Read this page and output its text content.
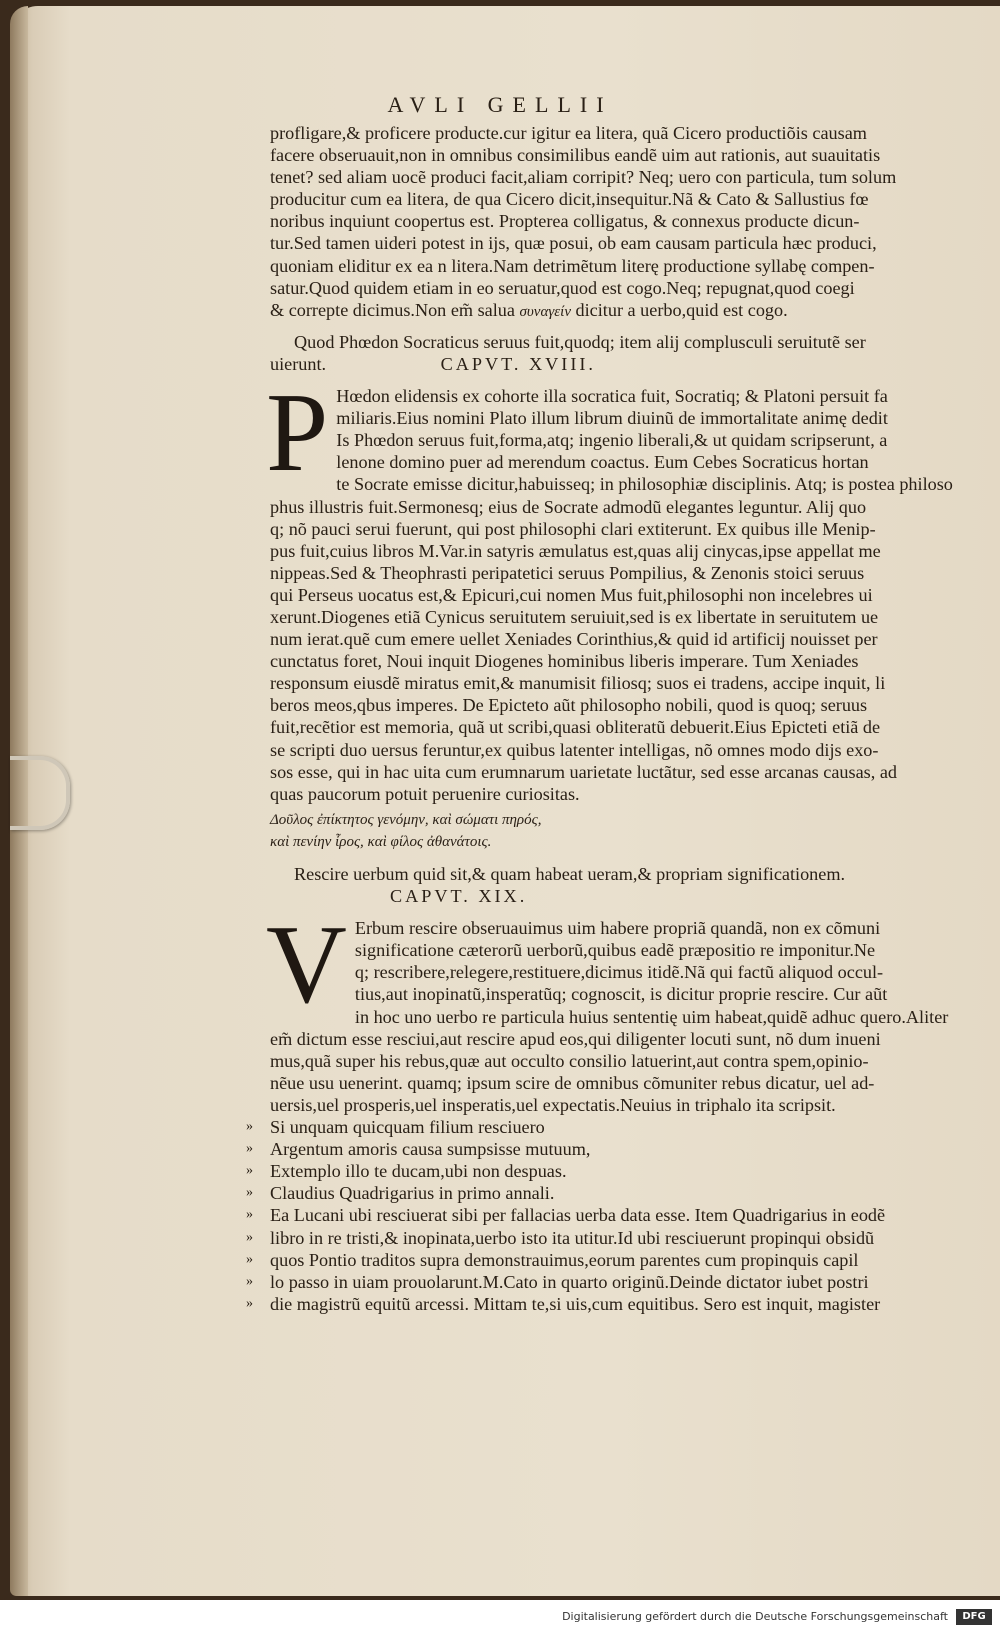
AVLI GELLII
profligare,& proficere producte.cur igitur ea litera, quã Cicero productiõis causam
facere obseruauit,non in omnibus consimilibus eandẽ uim aut rationis, aut suauitatis
tenet? sed aliam uocẽ produci facit,aliam corripit? Neq; uero con particula, tum solum
producitur cum ea litera, de qua Cicero dicit,insequitur.Nã & Cato & Sallustius fœ
noribus inquiunt coopertus est. Propterea colligatus, & connexus producte dicun-
tur.Sed tamen uideri potest in ijs, quæ posui, ob eam causam particula hæc produci,
quoniam eliditur ex ea n litera.Nam detrimẽtum literę productione syllabę compen-
satur.Quod quidem etiam in eo seruatur,quod est cogo.Neq; repugnat,quod coegi
& correpte dicimus.Non em̃ salua συναγείν dicitur a uerbo,quid est cogo.
Quod Phœdon Socraticus seruus fuit,quodq; item alij complusculi seruitutẽ ser
uierunt.	CAPVT. XVIII.
P Hœdon elidensis ex cohorte illa socratica fuit, Socratiq; & Platoni persuit fa
miliaris.Eius nomini Plato illum librum diuinũ de immortalitate animę dedit
Is Phœdon seruus fuit,forma,atq; ingenio liberali,& ut quidam scripserunt, a
lenone domino puer ad merendum coactus. Eum Cebes Socraticus hortan
te Socrate emisse dicitur,habuisseq; in philosophiæ disciplinis. Atq; is postea philoso
phus illustris fuit.Sermonesq; eius de Socrate admodũ elegantes leguntur. Alij quo
q; nõ pauci serui fuerunt, qui post philosophi clari extiterunt. Ex quibus ille Menip-
pus fuit,cuius libros M.Var.in satyris æmulatus est,quas alij cinycas,ipse appellat me
nippeas.Sed & Theophrasti peripatetici seruus Pompilius, & Zenonis stoici seruus
qui Perseus uocatus est,& Epicuri,cui nomen Mus fuit,philosophi non incelebres ui
xerunt.Diogenes etiã Cynicus seruitutem seruiuit,sed is ex libertate in seruitutem ue
num ierat.quẽ cum emere uellet Xeniades Corinthius,& quid id artificij nouisset per
cunctatus foret, Noui inquit Diogenes hominibus liberis imperare. Tum Xeniades
responsum eiusdẽ miratus emit,& manumisit filiosq; suos ei tradens, accipe inquit, li
beros meos,qbus imperes. De Epicteto aũt philosopho nobili, quod is quoq; seruus
fuit,recẽtior est memoria, quã ut scribi,quasi obliteratũ debuerit.Eius Epicteti etiã de
se scripti duo uersus feruntur,ex quibus latenter intelligas, nõ omnes modo dijs exo-
sos esse, qui in hac uita cum erumnarum uarietate luctãtur, sed esse arcanas causas, ad
quas paucorum potuit peruenire curiositas.
Δοῦλος ἐπίκτητος γενόμην, καὶ σώματι πηρός,
καὶ πενίην ἶρος, καὶ φίλος ἀθανάτοις.
Rescire uerbum quid sit,& quam habeat ueram,& propriam significationem.
CAPVT. XIX.
V Erbum rescire obseruauimus uim habere propriã quandã, non ex cõmuni
significatione cæterorũ uerborũ,quibus eadẽ præpositio re imponitur.Ne
q; rescribere,relegere,restituere,dicimus itidẽ.Nã qui factũ aliquod occul-
tius,aut inopinatũ,insperatũq; cognoscit, is dicitur proprie rescire. Cur aũt
in hoc uno uerbo re particula huius sententię uim habeat,quidẽ adhuc quero.Aliter
em̃ dictum esse resciui,aut rescire apud eos,qui diligenter locuti sunt, nõ dum inueni
mus,quã super his rebus,quæ aut occulto consilio latuerint,aut contra spem,opinio-
nẽue usu uenerint. quamq; ipsum scire de omnibus cõmuniter rebus dicatur, uel ad-
uersis,uel prosperis,uel insperatis,uel expectatis.Neuius in triphalo ita scripsit.
» Si unquam quicquam filium resciuero
» Argentum amoris causa sumpsisse mutuum,
» Extemplo illo te ducam,ubi non despuas.
» Claudius Quadrigarius in primo annali.
» Ea Lucani ubi resciuerat sibi per fallacias uerba data esse. Item Quadrigarius in eodẽ
» libro in re tristi,& inopinata,uerbo isto ita utitur.Id ubi resciuerunt propinqui obsidũ
» quos Pontio traditos supra demonstrauimus,eorum parentes cum propinquis capil
» lo passo in uiam prouolarunt.M.Cato in quarto originũ.Deinde dictator iubet postri
» die magistrũ equitũ arcessi. Mittam te,si uis,cum equitibus. Sero est inquit, magister
Digitalisierung gefördert durch die Deutsche Forschungsgemeinschaft	DFG
